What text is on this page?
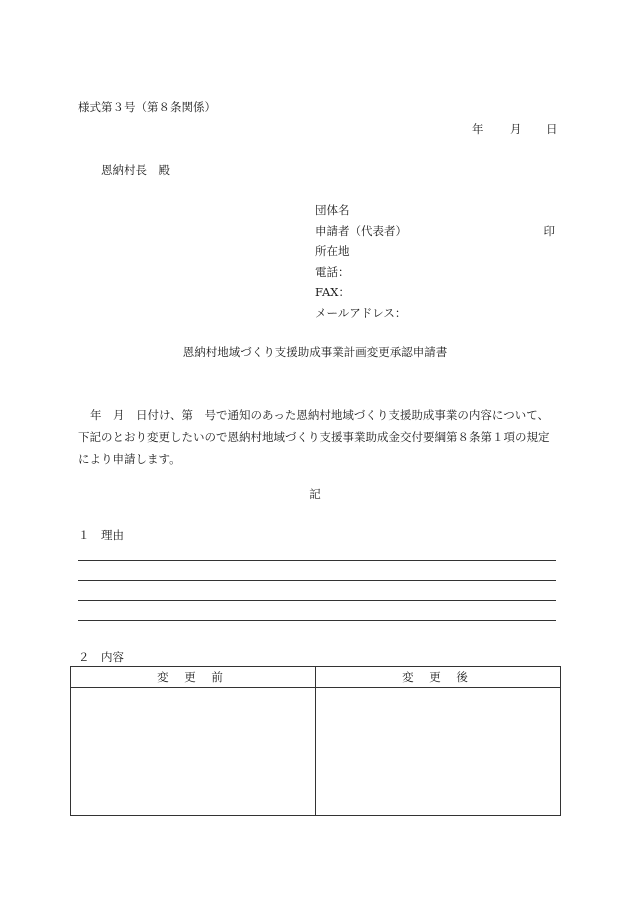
様式第３号（第８条関係）
年 月 日
恩納村長　殿
団体名
申請者（代表者）	印
所在地
電話：
FAX：
メールアドレス：
恩納村地域づくり支援助成事業計画変更承認申請書
年　月　日付け、第　号で通知のあった恩納村地域づくり支援助成事業の内容について、下記のとおり変更したいので恩納村地域づくり支援事業助成金交付要綱第８条第１項の規定により申請します。
記
１　理由
２　内容
変 更 前	変 更 後
